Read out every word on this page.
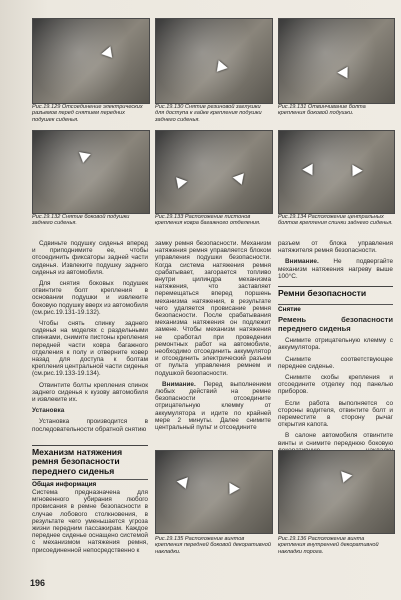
Рис.19.129 Отсоединение электрических разъемов перед снятием передних подушек сиденья.
Рис.19.130 Снятие резиновой заглушки для доступа к гайке крепления подушки заднего сиденья.
Рис.19.131 Отвинчивание болта крепления боковой подушки.
Рис.19.132 Снятие боковой подушки заднего сиденья.
Рис.19.133 Расположение пистонов крепления ковра багажного отделения.
Рис.19.134 Расположение центральных болтов крепления спинки заднего сиденья.

Сдвиньте подушку сиденья вперед и приподнимите ее, чтобы отсоединить фиксаторы задней части сиденья. Извлеките подушку заднего сиденья из автомобиля.

Для снятия боковых подушек отвинтите болт крепления в основании подушки и извлеките боковую подушку вверх из автомобиля (см.рис.19.131-19.132).

Чтобы снять спинку заднего сиденья на моделях с раздельными спинками, снимите пистоны крепления передней части ковра багажного отделения к полу и отверните ковер назад для доступа к болтам крепления центральной части сиденья (см.рис.19.133-19.134).

Отвинтите болты крепления спинок заднего сиденья к кузову автомобиля и извлеките их.

Установка

Установка производится в последовательности обратной снятию

Механизм натяжения ремня безопасности переднего сиденья
Общая информация

Система предназначена для мгновенного убирания любого провисания в ремне безопасности в случае лобового столкновения, в результате чего уменьшается угроза жизни передним пассажирам. Каждое переднее сиденье оснащено системой с механизмом натяжения ремня, присоединенной непосредственно к

замку ремня безопасности. Механизм натяжения ремня управляется блоком управления подушки безопасности. Когда система натяжения ремня срабатывает, загорается топливо внутри цилиндра механизма натяжения, что заставляет перемещаться вперед поршень механизма натяжения, в результате чего удаляется провисание ремня безопасности. После срабатывания механизма натяжения он подлежит замене. Чтобы механизм натяжения не сработал при проведении ремонтных работ на автомобиле, необходимо отсоединить аккумулятор и отсоединить электрический разъем от пульта управления ремнем и подушкой безопасности.

Внимание. Перед выполнением любых действий на ремне безопасности отсоедините отрицательную клемму от аккумулятора и идите по крайней мере 2 минуты. Далее снимите центральный пульт и отсоедините

разъем от блока управления натяжителя ремня безопасности.

Внимание. Не подвергайте механизм натяжения нагреву выше 100°С.

Ремни безопасности
Снятие

Ремень безопасности переднего сиденья

Снимите отрицательную клемму с аккумулятора.

Снимите соответствующее переднее сиденье.

Снимите скобы крепления и отсоедините отделку под панелью приборов.

Если работа выполняется со стороны водителя, отвинтите болт и переместите в сторону рычаг открытия капота.

В салоне автомобиля отвинтите винты и снимите переднюю боковую

Рис.19.135 Расположение винтов крепления передней боковой декоративной накладки.
Рис.19.136 Расположение винта крепления внутренней декоративной накладки порога.
196
